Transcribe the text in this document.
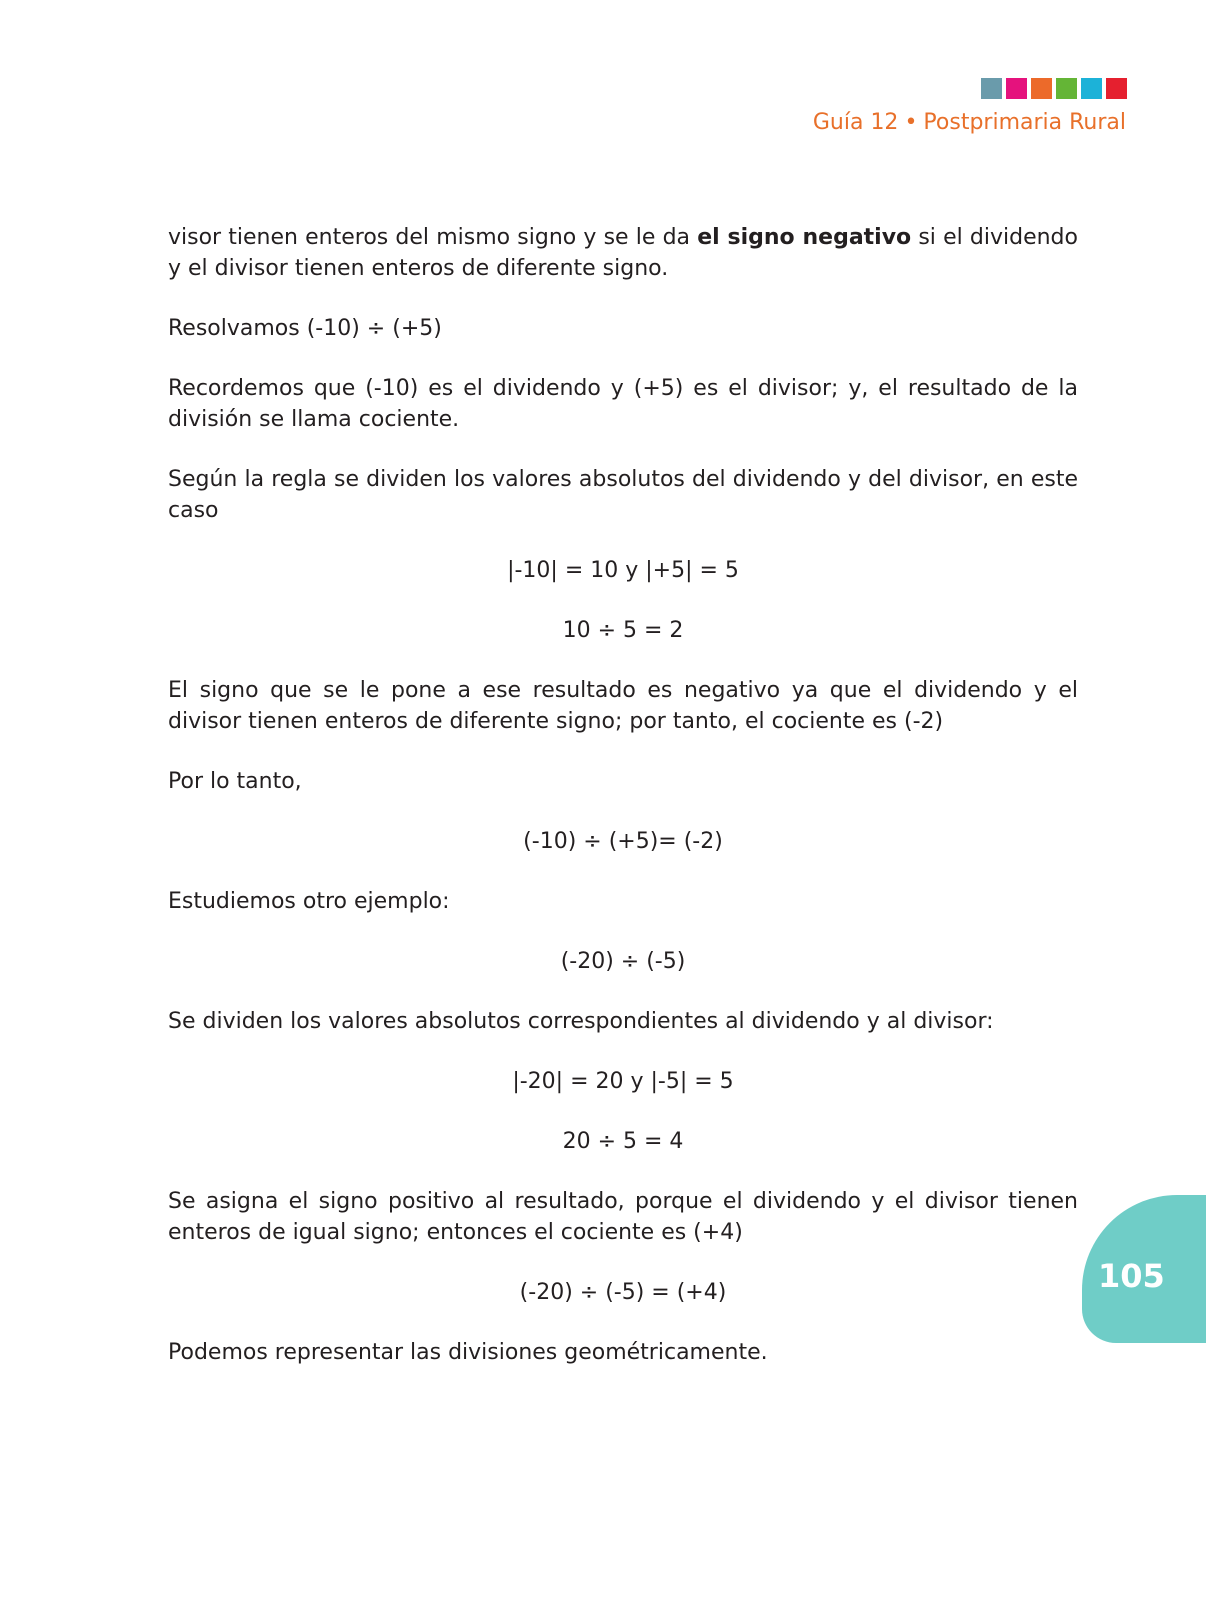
Guía 12 • Postprimaria Rural

visor tienen enteros del mismo signo y se le da el signo negativo si el dividendo y el divisor tienen enteros de diferente signo.

Resolvamos (-10) ÷ (+5)

Recordemos que (-10) es el dividendo y (+5) es el divisor; y, el resultado de la división se llama cociente.

Según la regla se dividen los valores absolutos del dividendo y del divisor, en este caso

|-10| = 10 y |+5| = 5

10 ÷ 5 = 2

El signo que se le pone a ese resultado es negativo ya que el dividendo y el divisor tienen enteros de diferente signo; por tanto, el cociente es (-2)

Por lo tanto,

(-10) ÷ (+5)= (-2)

Estudiemos otro ejemplo:

(-20) ÷ (-5)

Se dividen los valores absolutos correspondientes al dividendo y al divisor:

|-20| = 20 y |-5| = 5

20 ÷ 5 = 4

Se asigna el signo positivo al resultado, porque el dividendo y el divisor tienen enteros de igual signo; entonces el cociente es (+4)

(-20) ÷ (-5) = (+4)

Podemos representar las divisiones geométricamente.

105
